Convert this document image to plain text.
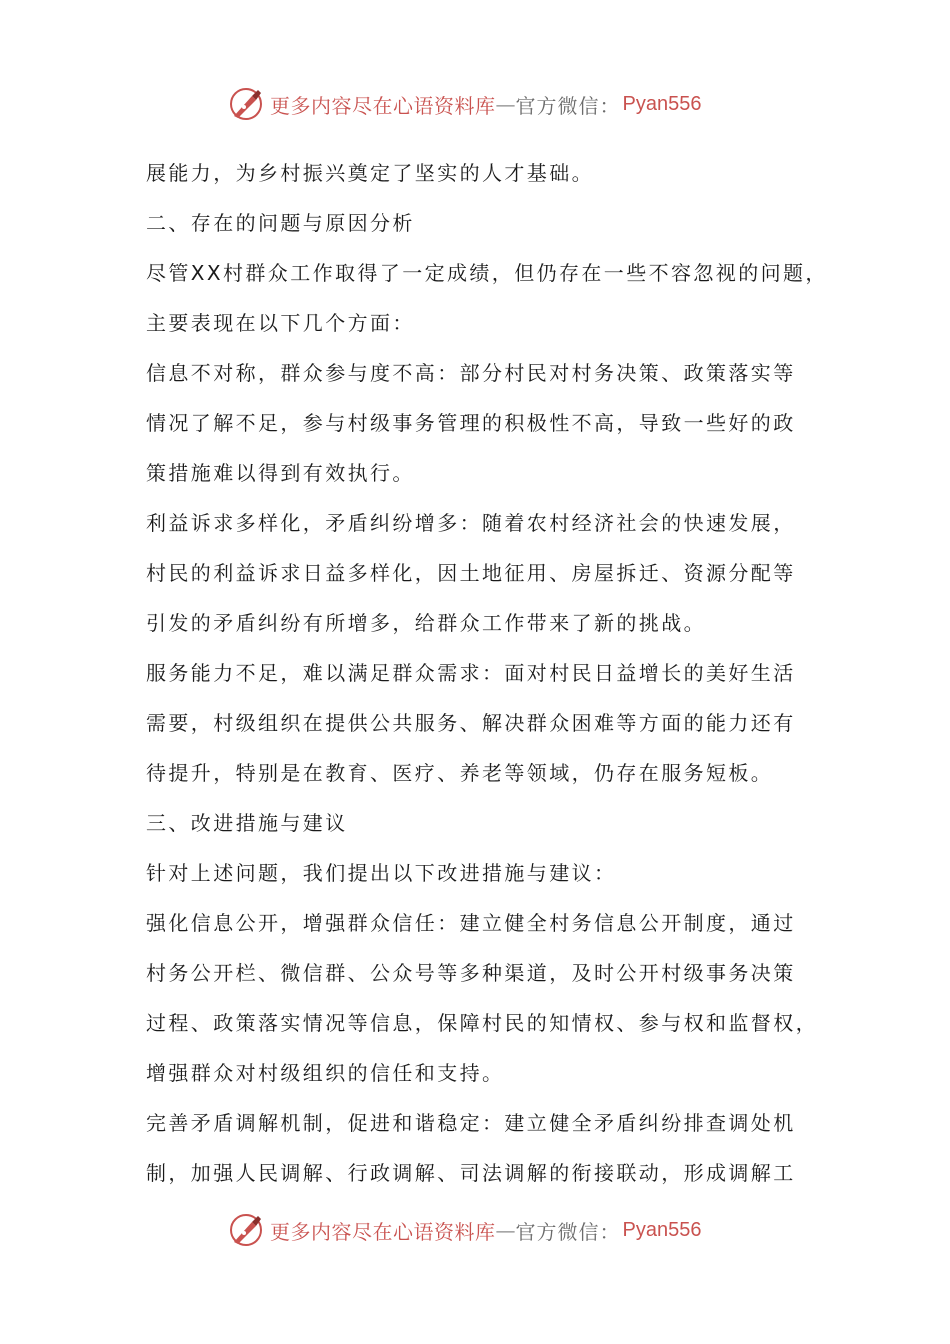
更多内容尽在心语资料库 — 官方微信： Pyan556
展能力，为乡村振兴奠定了坚实的人才基础。
二、存在的问题与原因分析
尽管XX村群众工作取得了一定成绩，但仍存在一些不容忽视的问题，
主要表现在以下几个方面：
信息不对称，群众参与度不高：部分村民对村务决策、政策落实等
情况了解不足，参与村级事务管理的积极性不高，导致一些好的政
策措施难以得到有效执行。
利益诉求多样化，矛盾纠纷增多：随着农村经济社会的快速发展，
村民的利益诉求日益多样化，因土地征用、房屋拆迁、资源分配等
引发的矛盾纠纷有所增多，给群众工作带来了新的挑战。
服务能力不足，难以满足群众需求：面对村民日益增长的美好生活
需要，村级组织在提供公共服务、解决群众困难等方面的能力还有
待提升，特别是在教育、医疗、养老等领域，仍存在服务短板。
三、改进措施与建议
针对上述问题，我们提出以下改进措施与建议：
强化信息公开，增强群众信任：建立健全村务信息公开制度，通过
村务公开栏、微信群、公众号等多种渠道，及时公开村级事务决策
过程、政策落实情况等信息，保障村民的知情权、参与权和监督权，
增强群众对村级组织的信任和支持。
完善矛盾调解机制，促进和谐稳定：建立健全矛盾纠纷排查调处机
制，加强人民调解、行政调解、司法调解的衔接联动，形成调解工
更多内容尽在心语资料库 — 官方微信： Pyan556
